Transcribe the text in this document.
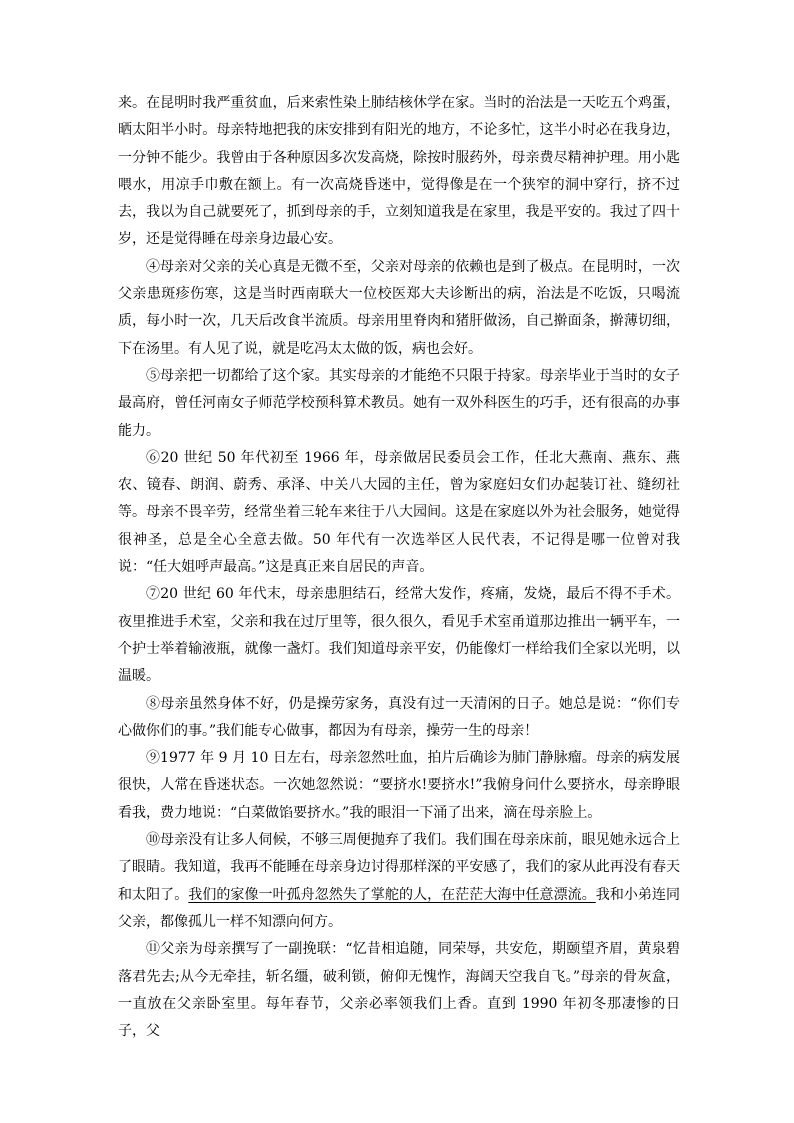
来。在昆明时我严重贫血，后来索性染上肺结核休学在家。当时的治法是一天吃五个鸡蛋，晒太阳半小时。母亲特地把我的床安排到有阳光的地方，不论多忙，这半小时必在我身边，一分钟不能少。我曾由于各种原因多次发高烧，除按时服药外，母亲费尽精神护理。用小匙喂水，用凉手巾敷在额上。有一次高烧昏迷中，觉得像是在一个狭窄的洞中穿行，挤不过去，我以为自己就要死了，抓到母亲的手，立刻知道我是在家里，我是平安的。我过了四十岁，还是觉得睡在母亲身边最心安。

④母亲对父亲的关心真是无微不至，父亲对母亲的依赖也是到了极点。在昆明时，一次父亲患斑疹伤寒，这是当时西南联大一位校医郑大夫诊断出的病，治法是不吃饭，只喝流质，每小时一次，几天后改食半流质。母亲用里脊肉和猪肝做汤，自己擀面条，擀薄切细，下在汤里。有人见了说，就是吃冯太太做的饭，病也会好。

⑤母亲把一切都给了这个家。其实母亲的才能绝不只限于持家。母亲毕业于当时的女子最高府，曾任河南女子师范学校预科算术教员。她有一双外科医生的巧手，还有很高的办事能力。

⑥20 世纪 50 年代初至 1966 年，母亲做居民委员会工作，任北大燕南、燕东、燕农、镜春、朗润、蔚秀、承泽、中关八大园的主任，曾为家庭妇女们办起装订社、缝纫社等。母亲不畏辛劳，经常坐着三轮车来往于八大园间。这是在家庭以外为社会服务，她觉得很神圣，总是全心全意去做。50 年代有一次选举区人民代表，不记得是哪一位曾对我说：“任大姐呼声最高。”这是真正来自居民的声音。

⑦20 世纪 60 年代末，母亲患胆结石，经常大发作，疼痛，发烧，最后不得不手术。夜里推进手术室，父亲和我在过厅里等，很久很久，看见手术室甬道那边推出一辆平车，一个护士举着输液瓶，就像一盏灯。我们知道母亲平安，仍能像灯一样给我们全家以光明，以温暖。

⑧母亲虽然身体不好，仍是操劳家务，真没有过一天清闲的日子。她总是说：“你们专心做你们的事。”我们能专心做事，都因为有母亲，操劳一生的母亲！

⑨1977 年 9 月 10 日左右，母亲忽然吐血，拍片后确诊为肺门静脉瘤。母亲的病发展很快，人常在昏迷状态。一次她忽然说：“要挤水!要挤水!”我俯身问什么要挤水，母亲睁眼看我，费力地说：“白菜做馅要挤水。”我的眼泪一下涌了出来，滴在母亲脸上。

⑩母亲没有让多人伺候，不够三周便抛弃了我们。我们围在母亲床前，眼见她永远合上了眼睛。我知道，我再不能睡在母亲身边讨得那样深的平安感了，我们的家从此再没有春天和太阳了。我们的家像一叶孤舟忽然失了掌舵的人，在茫茫大海中任意漂流。我和小弟连同父亲，都像孤儿一样不知漂向何方。

⑪父亲为母亲撰写了一副挽联：“忆昔相追随，同荣辱，共安危，期颐望齐眉，黄泉碧落君先去;从今无牵挂，斩名缰，破利锁，俯仰无愧怍，海阔天空我自飞。”母亲的骨灰盒，一直放在父亲卧室里。每年春节，父亲必率领我们上香。直到 1990 年初冬那凄惨的日子，父
